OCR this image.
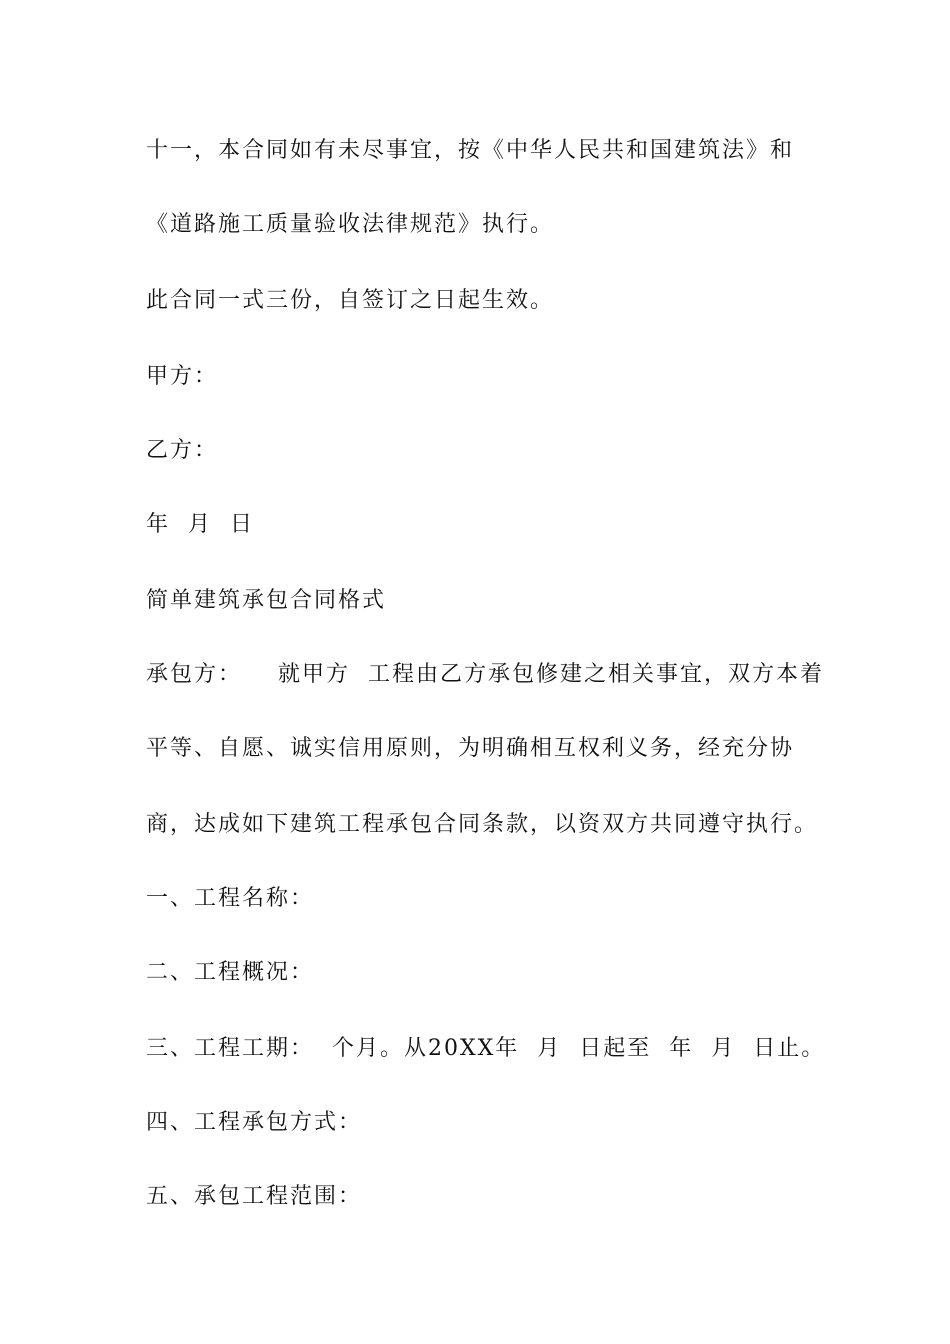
十一，本合同如有未尽事宜，按《中华人民共和国建筑法》和
《道路施工质量验收法律规范》执行。
此合同一式三份，自签订之日起生效。
甲方：
乙方：
年  月  日
简单建筑承包合同格式
承包方：    就甲方  工程由乙方承包修建之相关事宜，双方本着
平等、自愿、诚实信用原则，为明确相互权利义务，经充分协
商，达成如下建筑工程承包合同条款，以资双方共同遵守执行。
一、工程名称：
二、工程概况：
三、工程工期：  个月。从20XX年  月  日起至  年  月  日止。
四、工程承包方式：
五、承包工程范围：
